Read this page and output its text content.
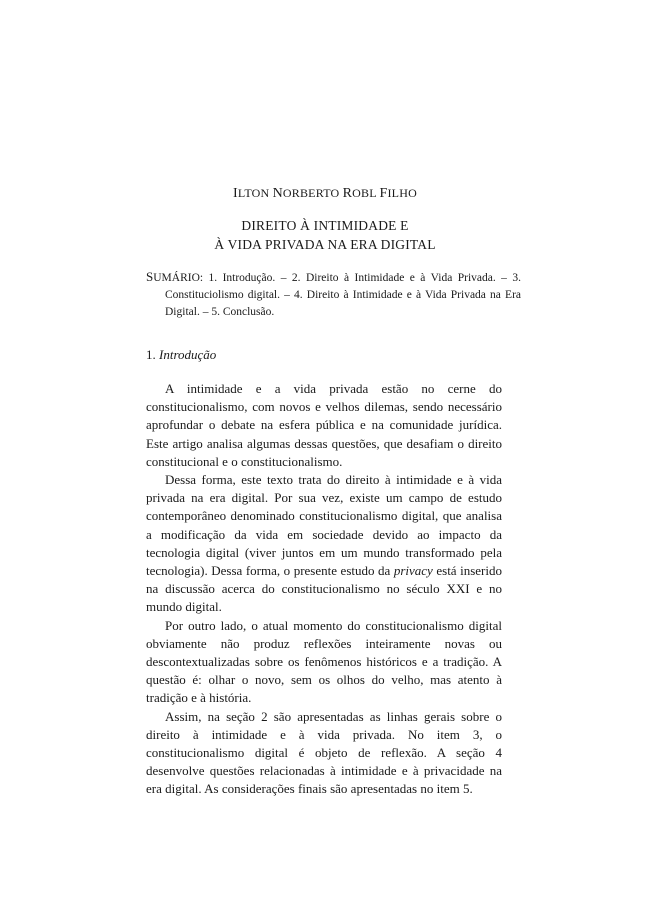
ILTON NORBERTO ROBL FILHO
DIREITO À INTIMIDADE E
À VIDA PRIVADA NA ERA DIGITAL
SUMÁRIO: 1. Introdução. – 2. Direito à Intimidade e à Vida Privada. – 3. Constituciolismo digital. – 4. Direito à Intimidade e à Vida Privada na Era Digital. – 5. Conclusão.
1. Introdução

A intimidade e a vida privada estão no cerne do constitucionalismo, com novos e velhos dilemas, sendo necessário aprofundar o debate na esfera pública e na comunidade jurídica. Este artigo analisa algumas dessas questões, que desafiam o direito constitucional e o constitucionalismo.

Dessa forma, este texto trata do direito à intimidade e à vida privada na era digital. Por sua vez, existe um campo de estudo contemporâneo denominado constitucionalismo digital, que analisa a modificação da vida em sociedade devido ao impacto da tecnologia digital (viver juntos em um mundo transformado pela tecnologia). Dessa forma, o presente estudo da privacy está inserido na discussão acerca do constitucionalismo no século XXI e no mundo digital.

Por outro lado, o atual momento do constitucionalismo digital obviamente não produz reflexões inteiramente novas ou descontextualizadas sobre os fenômenos históricos e a tradição. A questão é: olhar o novo, sem os olhos do velho, mas atento à tradição e à história.

Assim, na seção 2 são apresentadas as linhas gerais sobre o direito à intimidade e à vida privada. No item 3, o constitucionalismo digital é objeto de reflexão. A seção 4 desenvolve questões relacionadas à intimidade e à privacidade na era digital. As considerações finais são apresentadas no item 5.
